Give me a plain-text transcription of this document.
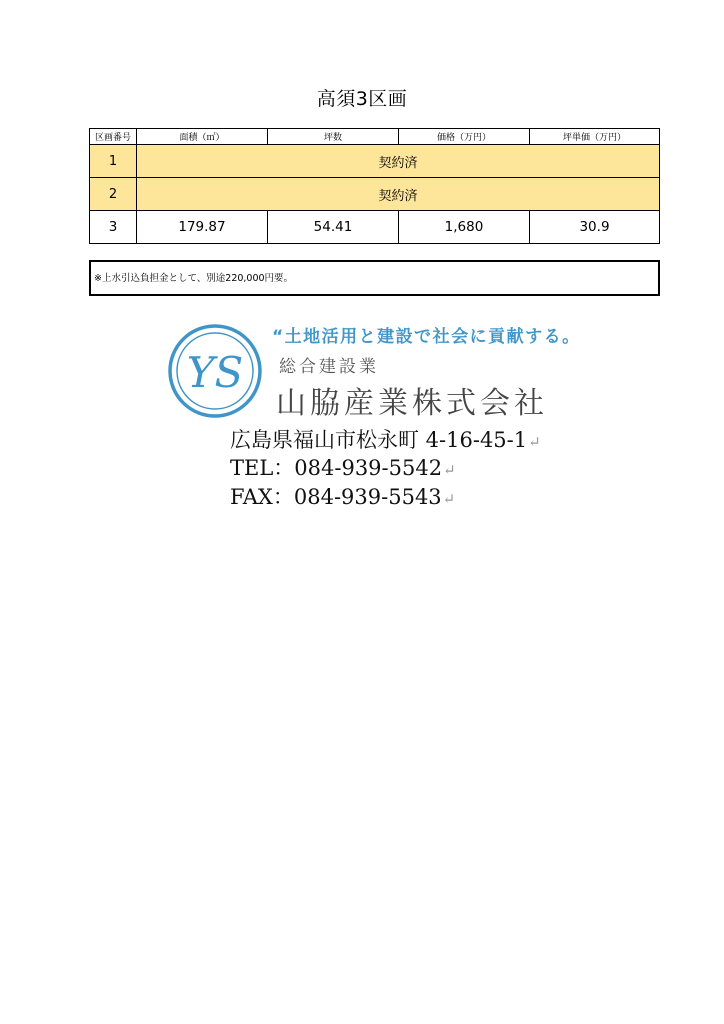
高須3区画
区画番号	面積（㎡）	坪数	価格（万円）	坪単価（万円）
1	契約済			
2	契約済			
3	179.87	54.41	1,680	30.9
※上水引込負担金として、別途220,000円要。
YS
“土地活用と建設で社会に貢献する。
総合建設業
山脇産業株式会社
広島県福山市松永町 4-16-45-1↵
TEL：084-939-5542↵
FAX：084-939-5543↵
